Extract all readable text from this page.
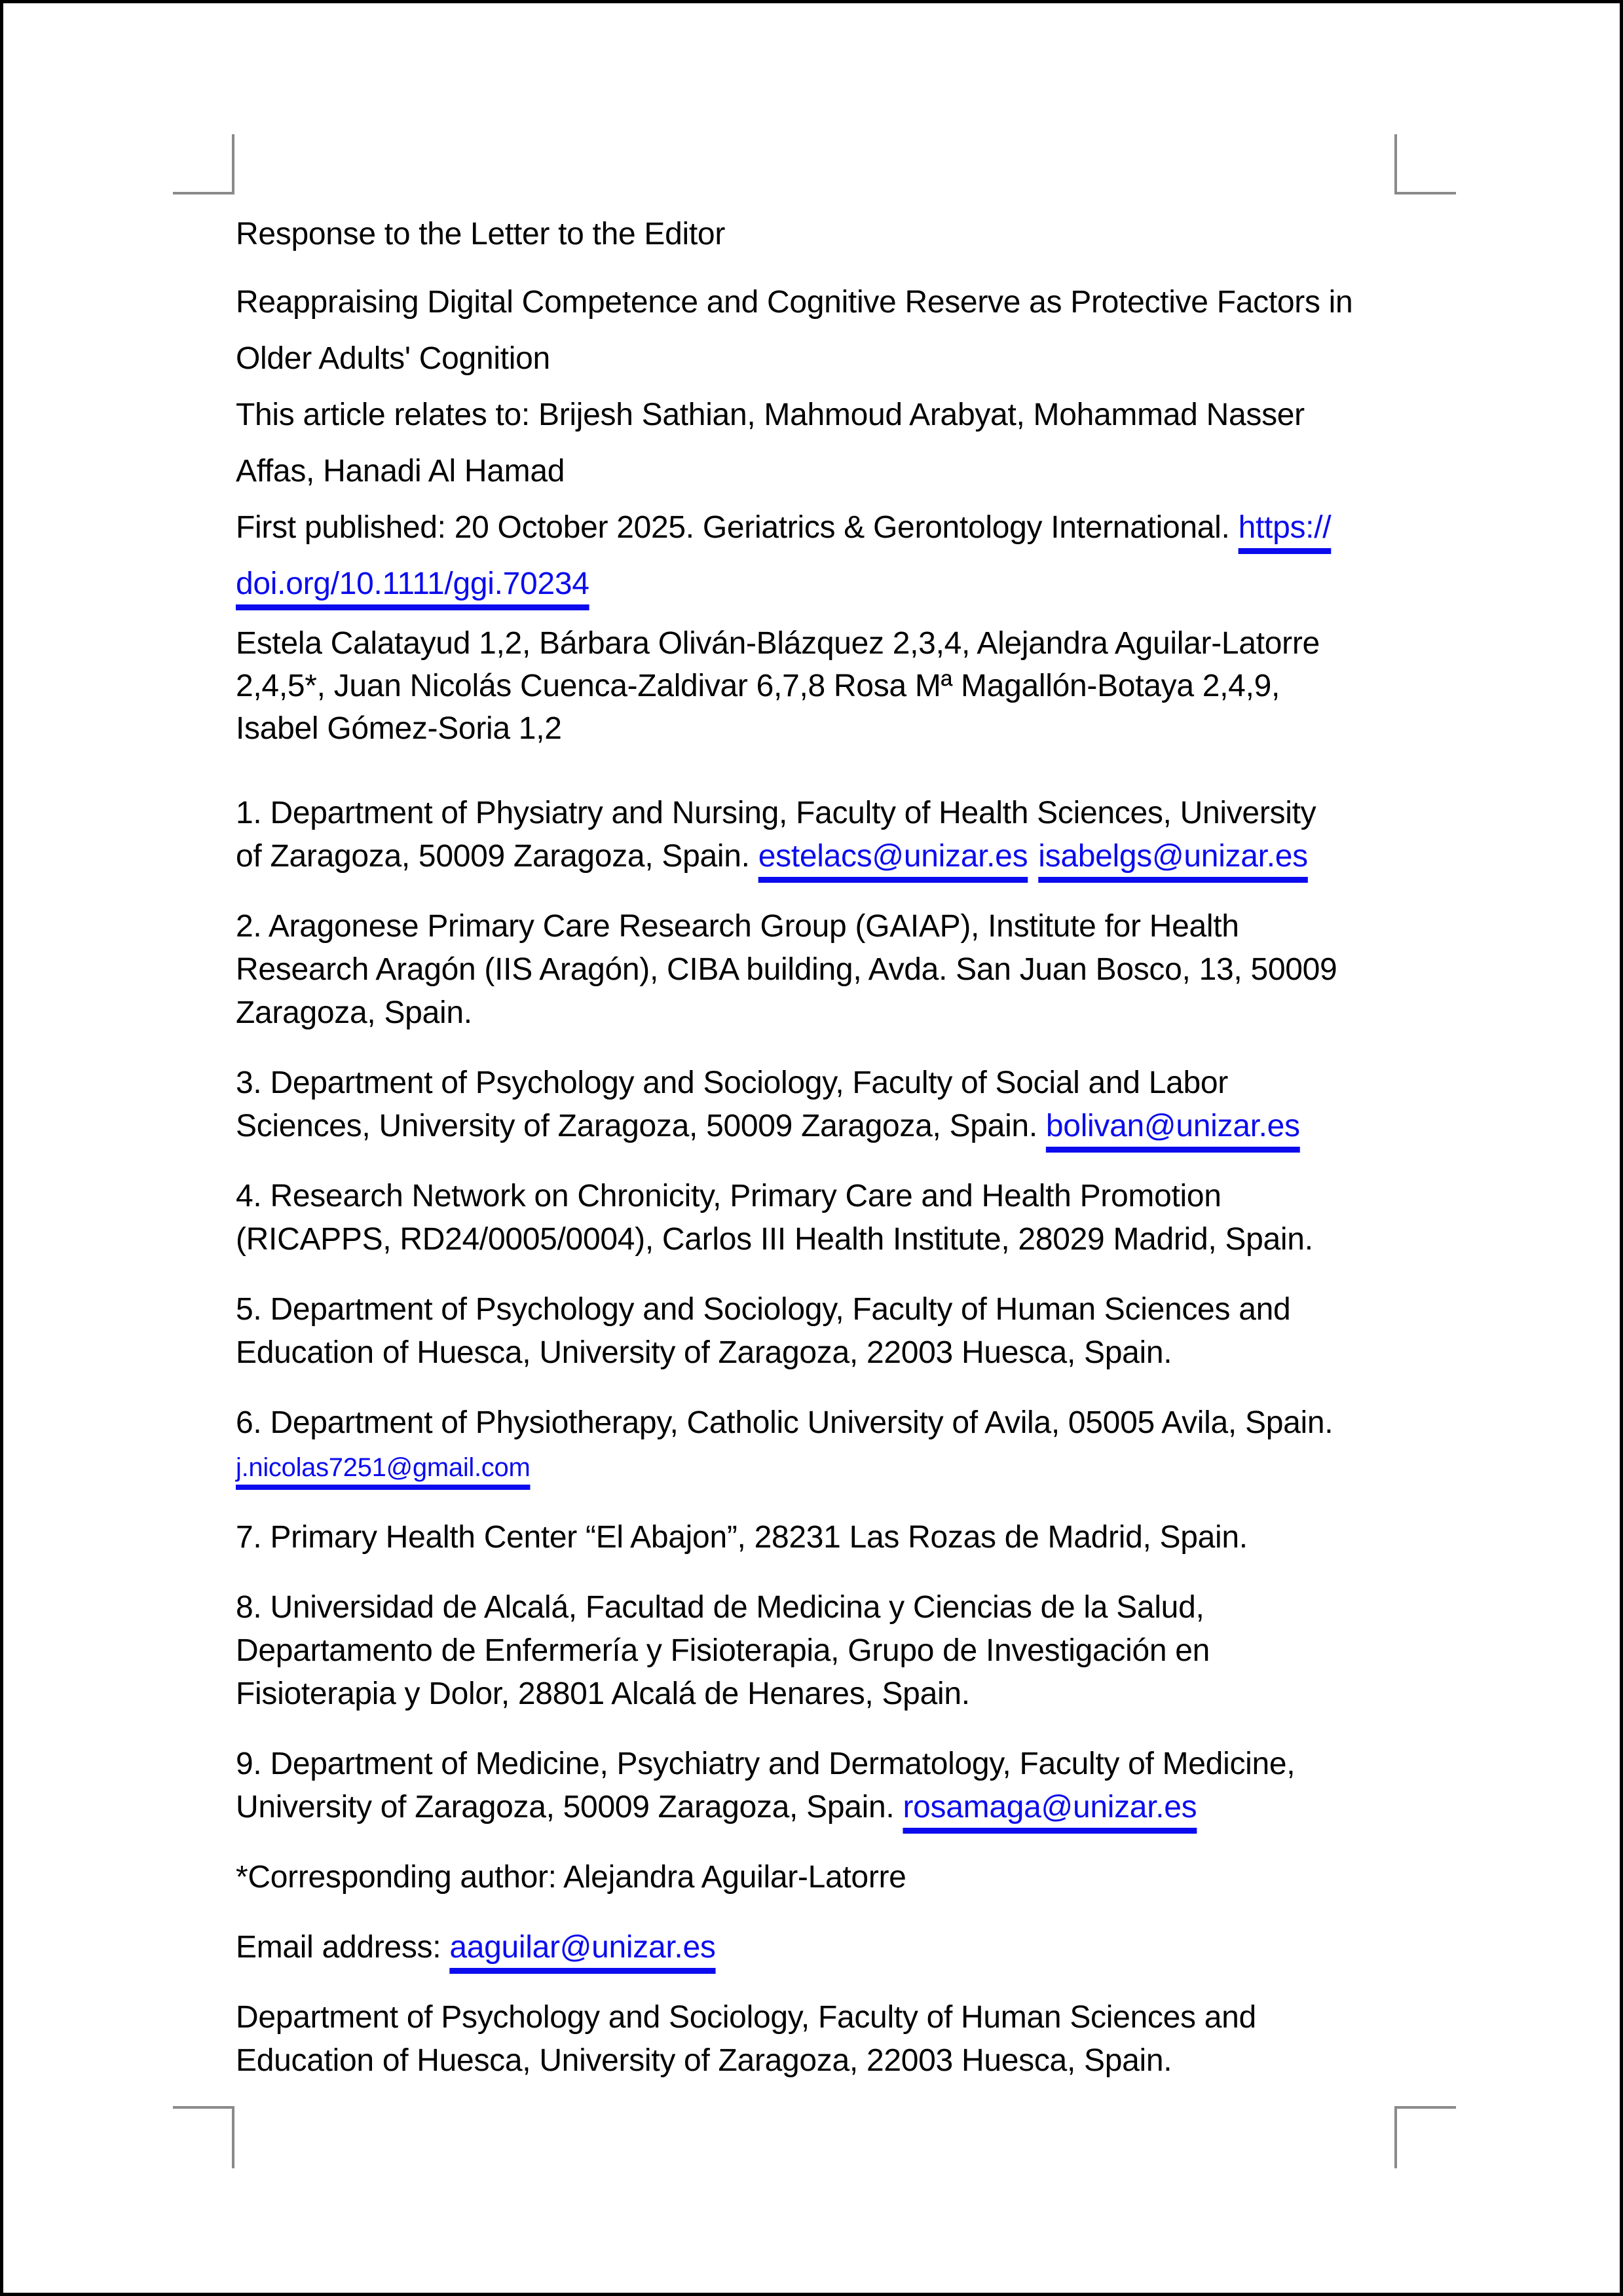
Response to the Letter to the Editor
Reappraising Digital Competence and Cognitive Reserve as Protective Factors in
Older Adults' Cognition
This article relates to: Brijesh Sathian, Mahmoud Arabyat, Mohammad Nasser
Affas, Hanadi Al Hamad
First published: 20 October 2025. Geriatrics & Gerontology International. https://
doi.org/10.1111/ggi.70234
Estela Calatayud 1,2, Bárbara Oliván-Blázquez 2,3,4, Alejandra Aguilar-Latorre
2,4,5*, Juan Nicolás Cuenca-Zaldivar 6,7,8 Rosa Mª Magallón-Botaya 2,4,9,
Isabel Gómez-Soria 1,2
1. Department of Physiatry and Nursing, Faculty of Health Sciences, University
of Zaragoza, 50009 Zaragoza, Spain. estelacs@unizar.es isabelgs@unizar.es
2. Aragonese Primary Care Research Group (GAIAP), Institute for Health
Research Aragón (IIS Aragón), CIBA building, Avda. San Juan Bosco, 13, 50009
Zaragoza, Spain.
3. Department of Psychology and Sociology, Faculty of Social and Labor
Sciences, University of Zaragoza, 50009 Zaragoza, Spain. bolivan@unizar.es
4. Research Network on Chronicity, Primary Care and Health Promotion
(RICAPPS, RD24/0005/0004), Carlos III Health Institute, 28029 Madrid, Spain.
5. Department of Psychology and Sociology, Faculty of Human Sciences and
Education of Huesca, University of Zaragoza, 22003 Huesca, Spain.
6. Department of Physiotherapy, Catholic University of Avila, 05005 Avila, Spain.
j.nicolas7251@gmail.com
7. Primary Health Center “El Abajon”, 28231 Las Rozas de Madrid, Spain.
8. Universidad de Alcalá, Facultad de Medicina y Ciencias de la Salud,
Departamento de Enfermería y Fisioterapia, Grupo de Investigación en
Fisioterapia y Dolor, 28801 Alcalá de Henares, Spain.
9. Department of Medicine, Psychiatry and Dermatology, Faculty of Medicine,
University of Zaragoza, 50009 Zaragoza, Spain. rosamaga@unizar.es
*Corresponding author: Alejandra Aguilar-Latorre
Email address: aaguilar@unizar.es
Department of Psychology and Sociology, Faculty of Human Sciences and
Education of Huesca, University of Zaragoza, 22003 Huesca, Spain.
